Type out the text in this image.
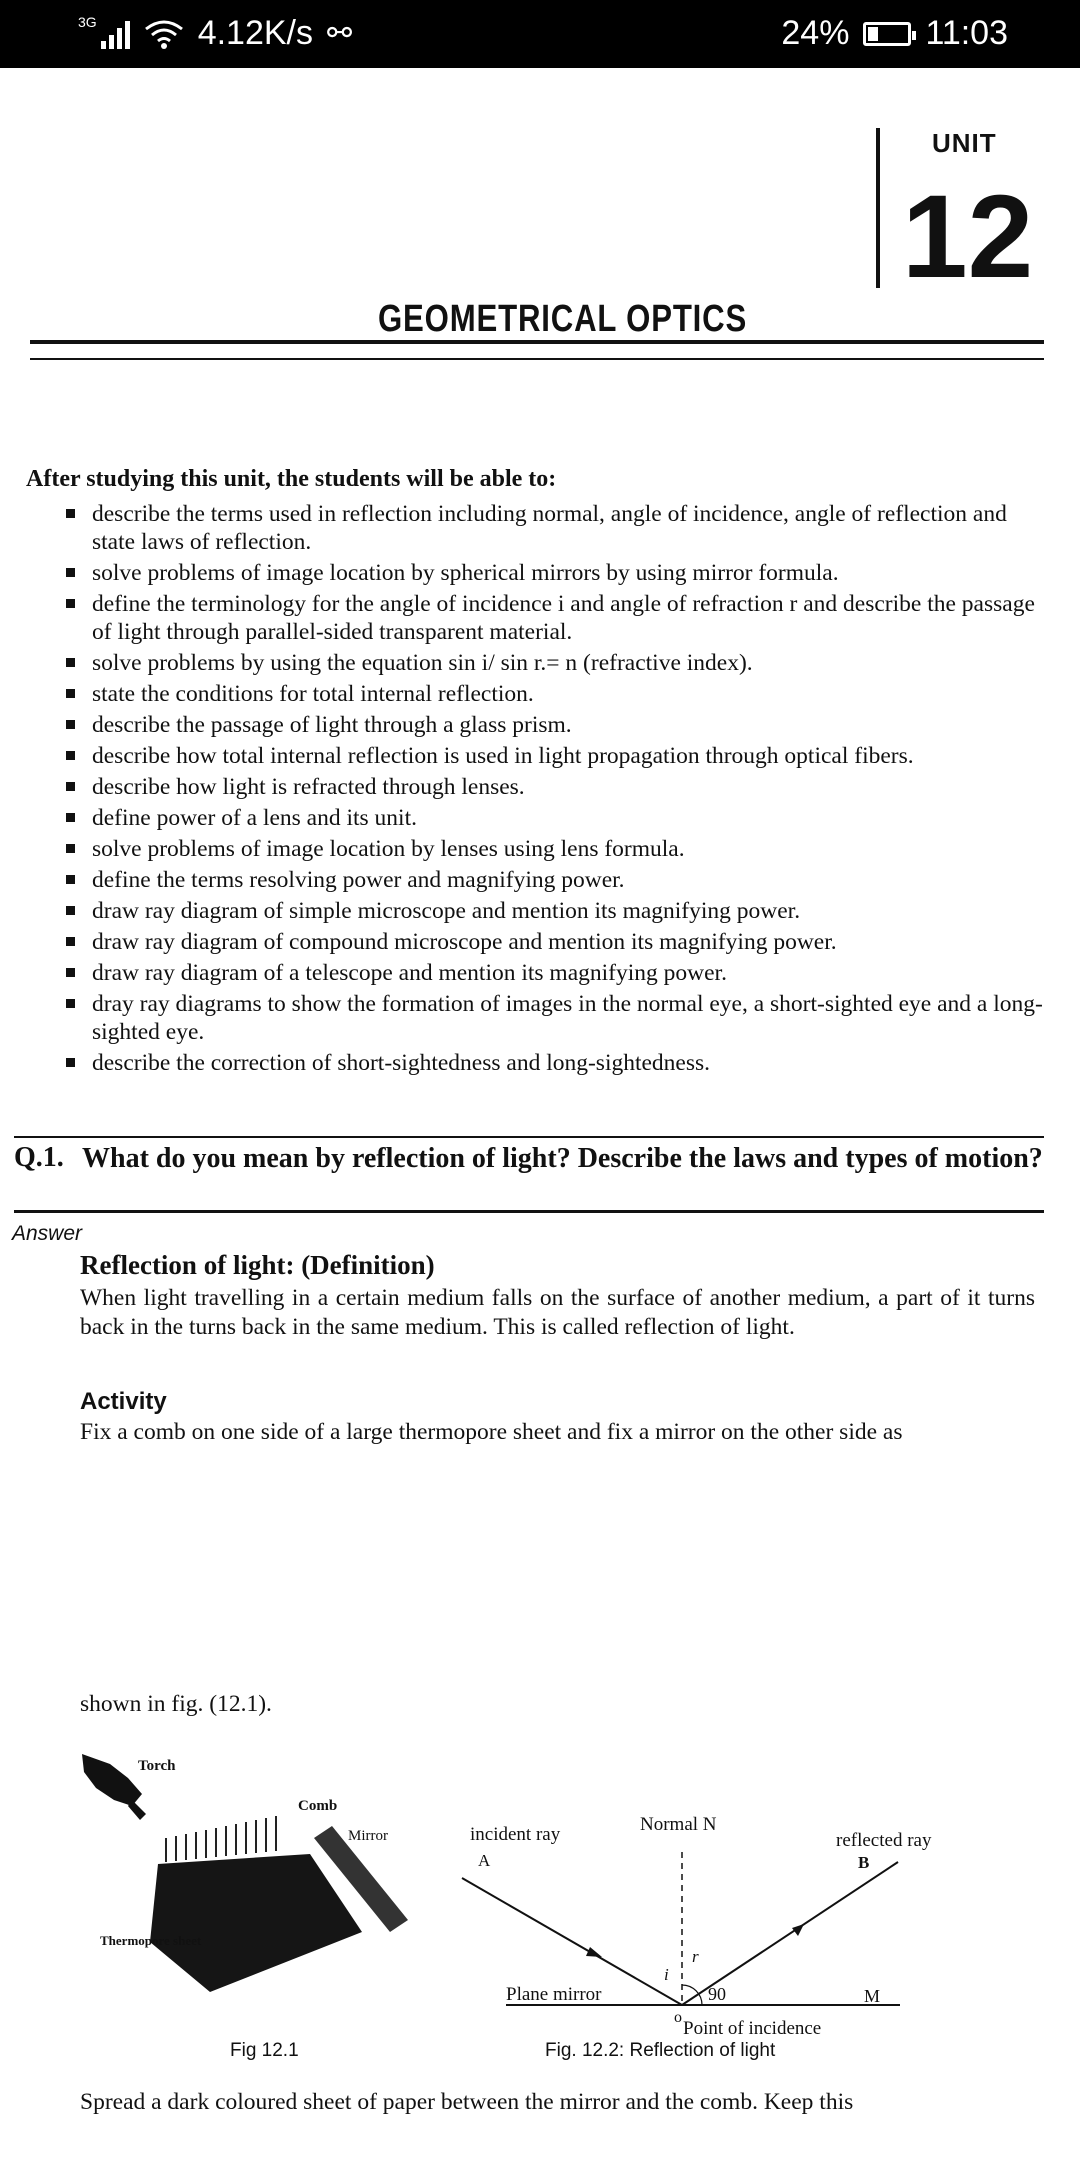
3G	4.12K/s ⚯	24% ⚡ 11:03
UNIT
12
GEOMETRICAL OPTICS
After studying this unit, the students will be able to:
describe the terms used in reflection including normal, angle of incidence, angle of reflection and state laws of reflection.
solve problems of image location by spherical mirrors by using mirror formula.
define the terminology for the angle of incidence i and angle of refraction r and describe the passage of light through parallel-sided transparent material.
solve problems by using the equation sin i/ sin r.= n (refractive index).
state the conditions for total internal reflection.
describe the passage of light through a glass prism.
describe how total internal reflection is used in light propagation through optical fibers.
describe how light is refracted through lenses.
define power of a lens and its unit.
solve problems of image location by lenses using lens formula.
define the terms resolving power and magnifying power.
draw ray diagram of simple microscope and mention its magnifying power.
draw ray diagram of compound microscope and mention its magnifying power.
draw ray diagram of a telescope and mention its magnifying power.
dray ray diagrams to show the formation of images in the normal eye, a short-sighted eye and a long-sighted eye.
describe the correction of short-sightedness and long-sightedness.
Q.1. What do you mean by reflection of light? Describe the laws and types of motion?
Answer
Reflection of light: (Definition)
When light travelling in a certain medium falls on the surface of another medium, a part of it turns back in the turns back in the same medium. This is called reflection of light.
Activity
Fix a comb on one side of a large thermopore sheet and fix a mirror on the other side as
shown in fig. (12.1).
Torch
Comb
Mirror
Thermopore sheet
Fig 12.1
incident ray
A
Normal N
reflected ray
B
Plane mirror
i
r
90	M
o
Point of incidence
Fig. 12.2: Reflection of light
Spread a dark coloured sheet of paper between the mirror and the comb. Keep this
